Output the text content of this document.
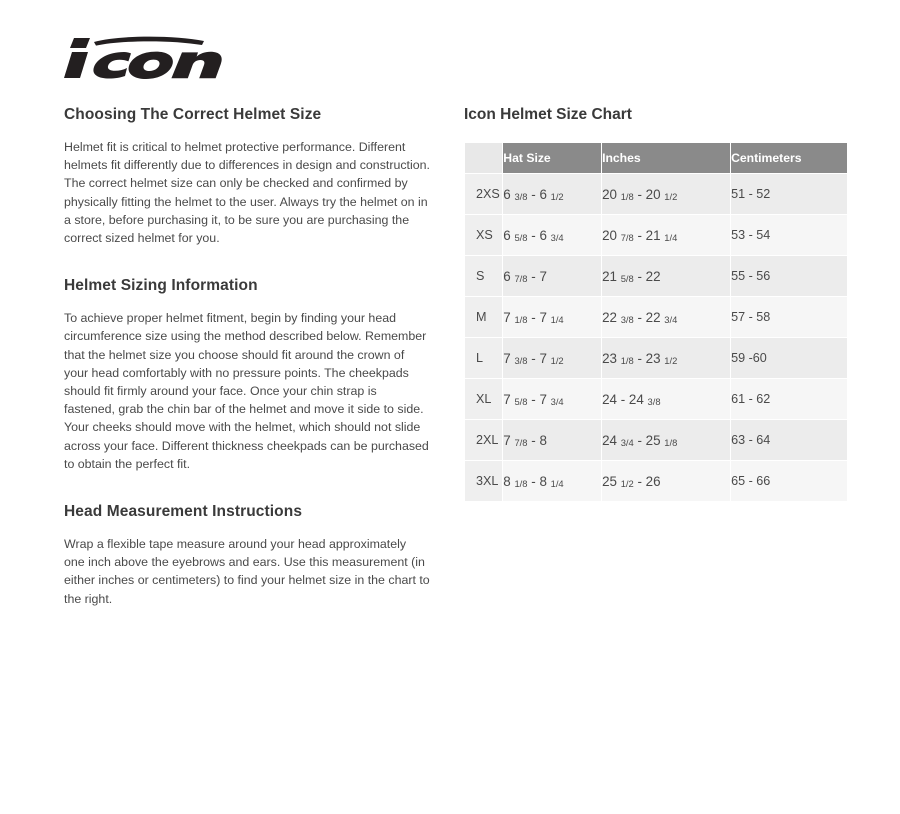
Choosing The Correct Helmet Size

Helmet fit is critical to helmet protective performance. Different helmets fit differently due to differences in design and construction. The correct helmet size can only be checked and confirmed by physically fitting the helmet to the user. Always try the helmet on in a store, before purchasing it, to be sure you are purchasing the correct sized helmet for you.

Helmet Sizing Information

To achieve proper helmet fitment, begin by finding your head circumference size using the method described below. Remember that the helmet size you choose should fit around the crown of your head comfortably with no pressure points. The cheekpads should fit firmly around your face. Once your chin strap is fastened, grab the chin bar of the helmet and move it side to side. Your cheeks should move with the helmet, which should not slide across your face. Different thickness cheekpads can be purchased to obtain the perfect fit.

Head Measurement Instructions

Wrap a flexible tape measure around your head approximately one inch above the eyebrows and ears. Use this measurement (in either inches or centimeters) to find your helmet size in the chart to the right.

Icon Helmet Size Chart
	Hat Size	Inches	Centimeters
2XS	6 3/8 - 6 1/2	20 1/8 - 20 1/2	51 - 52
XS	6 5/8 - 6 3/4	20 7/8 - 21 1/4	53 - 54
S	6 7/8 - 7	21 5/8 - 22	55 - 56
M	7 1/8 - 7 1/4	22 3/8 - 22 3/4	57 - 58
L	7 3/8 - 7 1/2	23 1/8 - 23 1/2	59 -60
XL	7 5/8 - 7 3/4	24 - 24 3/8	61 - 62
2XL	7 7/8 - 8	24 3/4 - 25 1/8	63 - 64
3XL	8 1/8 - 8 1/4	25 1/2 - 26	65 - 66
